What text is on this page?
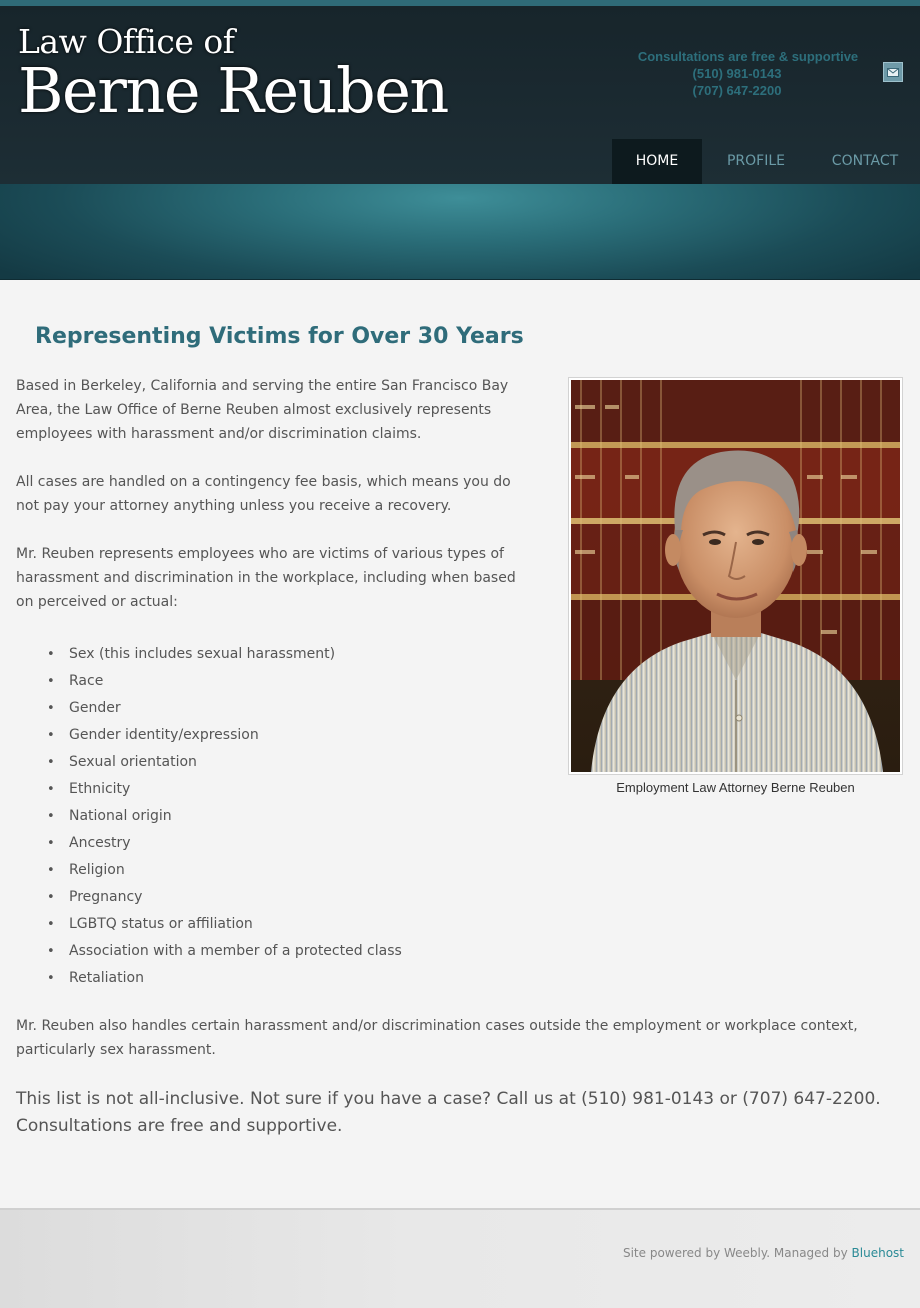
Law Office of
Berne Reuben	Consultations are free & supportive
(510) 981-0143
(707) 647-2200
HOME	PROFILE	CONTACT
Representing Victims for Over 30 Years

Based in Berkeley, California and serving the entire San Francisco Bay Area, the Law Office of Berne Reuben almost exclusively represents employees with harassment and/or discrimination claims.

All cases are handled on a contingency fee basis, which means you do not pay your attorney anything unless you receive a recovery.

Mr. Reuben represents employees who are victims of various types of harassment and discrimination in the workplace, including when based on perceived or actual:

• Sex (this includes sexual harassment)
• Race
• Gender
• Gender identity/expression
• Sexual orientation
• Ethnicity
• National origin
• Ancestry
• Religion
• Pregnancy
• LGBTQ status or affiliation
• Association with a member of a protected class
• Retaliation
Employment Law Attorney Berne Reuben

Mr. Reuben also handles certain harassment and/or discrimination cases outside the employment or workplace context, particularly sex harassment.

This list is not all-inclusive. Not sure if you have a case? Call us at (510) 981-0143 or (707) 647-2200. Consultations are free and supportive.

Site powered by Weebly. Managed by Bluehost
